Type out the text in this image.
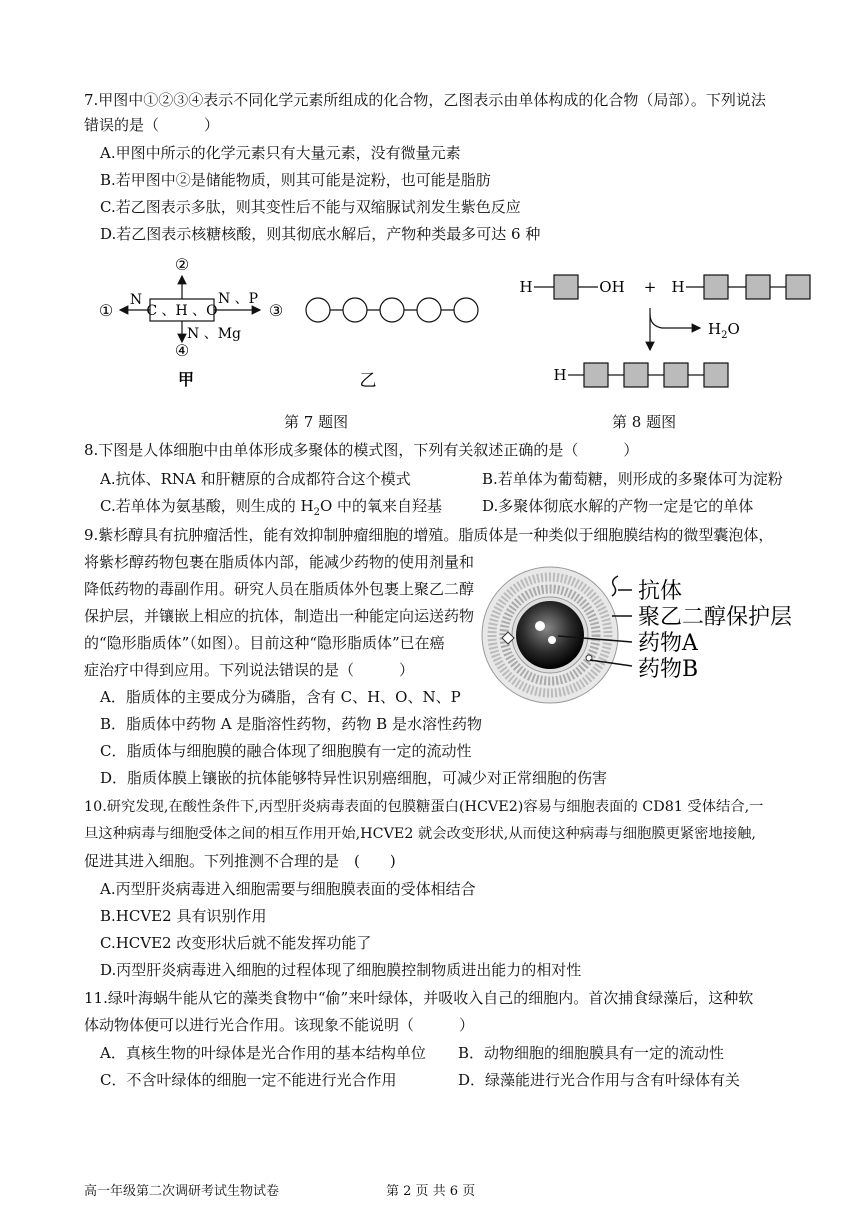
7.甲图中①②③④表示不同化学元素所组成的化合物，乙图表示由单体构成的化合物（局部）。下列说法
错误的是（　　　）
A.甲图中所示的化学元素只有大量元素，没有微量元素
B.若甲图中②是储能物质，则其可能是淀粉，也可能是脂肪
C.若乙图表示多肽，则其变性后不能与双缩脲试剂发生紫色反应
D.若乙图表示核糖核酸，则其彻底水解后，产物种类最多可达 6 种
C 、H 、O
②
①
N
③
N 、P
④
N 、Mg
甲	乙
H	OH + H
$H_2O$
H
第 7 题图	第 8 题图
8.下图是人体细胞中由单体形成多聚体的模式图，下列有关叙述正确的是（　　　）
A.抗体、RNA 和肝糖原的合成都符合这个模式	B.若单体为葡萄糖，则形成的多聚体可为淀粉
C.若单体为氨基酸，则生成的 $H_2O$ 中的氧来自羟基	D.多聚体彻底水解的产物一定是它的单体
9.紫杉醇具有抗肿瘤活性，能有效抑制肿瘤细胞的增殖。脂质体是一种类似于细胞膜结构的微型囊泡体，
将紫杉醇药物包裹在脂质体内部，能减少药物的使用剂量和
降低药物的毒副作用。研究人员在脂质体外包裹上聚乙二醇
保护层，并镶嵌上相应的抗体，制造出一种能定向运送药物
的“隐形脂质体”（如图）。目前这种“隐形脂质体”已在癌
症治疗中得到应用。下列说法错误的是（　　　）
A．脂质体的主要成分为磷脂，含有 C、H、O、N、P
B．脂质体中药物 A 是脂溶性药物，药物 B 是水溶性药物
C．脂质体与细胞膜的融合体现了细胞膜有一定的流动性
D．脂质体膜上镶嵌的抗体能够特异性识别癌细胞，可减少对正常细胞的伤害
抗体
聚乙二醇保护层
药物A
药物B
10.研究发现,在酸性条件下,丙型肝炎病毒表面的包膜糖蛋白(HCVE2)容易与细胞表面的 CD81 受体结合,一
旦这种病毒与细胞受体之间的相互作用开始,HCVE2 就会改变形状,从而使这种病毒与细胞膜更紧密地接触,
促进其进入细胞。下列推测不合理的是　(　　)
A.丙型肝炎病毒进入细胞需要与细胞膜表面的受体相结合
B.HCVE2 具有识别作用
C.HCVE2 改变形状后就不能发挥功能了
D.丙型肝炎病毒进入细胞的过程体现了细胞膜控制物质进出能力的相对性
11.绿叶海蜗牛能从它的藻类食物中“偷”来叶绿体，并吸收入自己的细胞内。首次捕食绿藻后，这种软
体动物体便可以进行光合作用。该现象不能说明（　　　）
A．真核生物的叶绿体是光合作用的基本结构单位 B．动物细胞的细胞膜具有一定的流动性
C．不含叶绿体的细胞一定不能进行光合作用	D．绿藻能进行光合作用与含有叶绿体有关
高一年级第二次调研考试生物试卷	第 2 页 共 6 页
